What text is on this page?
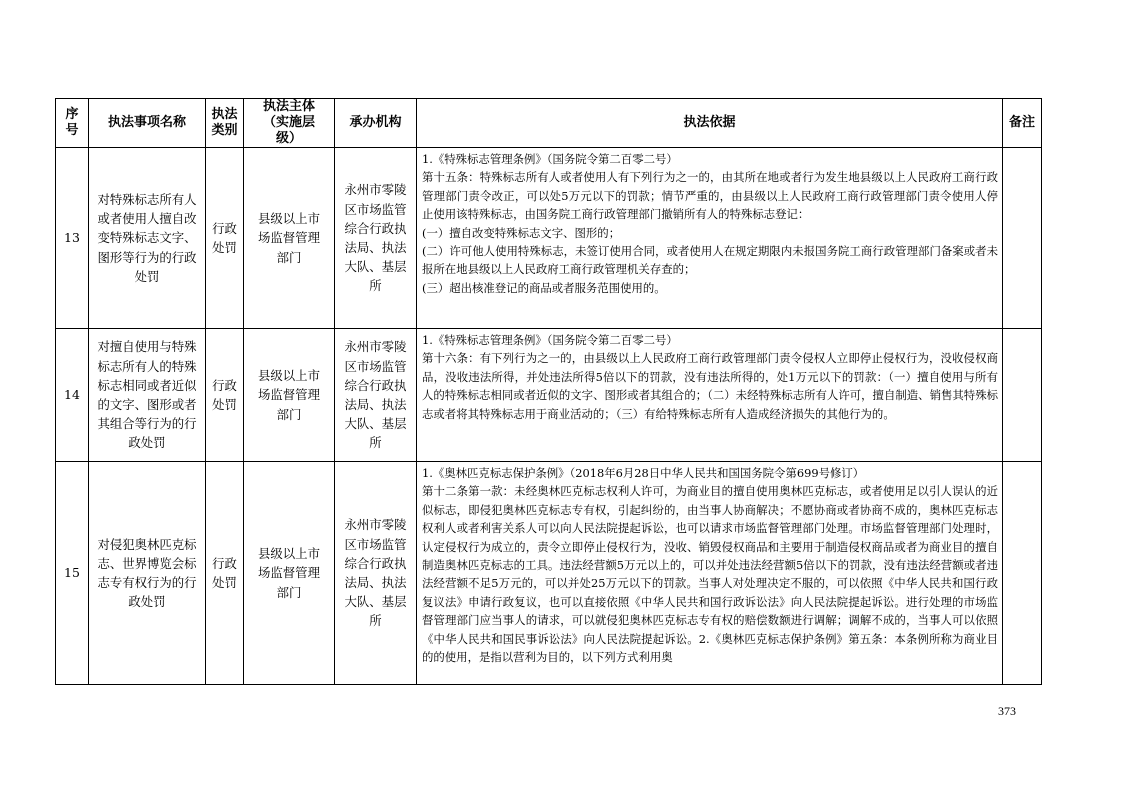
序号	执法事项名称	执法类别	执法主体（实施层级）	承办机构	执法依据	备注
13	对特殊标志所有人或者使用人擅自改变特殊标志文字、图形等行为的行政处罚	行政处罚	县级以上市场监督管理部门	永州市零陵区市场监管综合行政执法局、执法大队、基层所	1.《特殊标志管理条例》（国务院令第二百零二号）

第十五条：特殊标志所有人或者使用人有下列行为之一的，由其所在地或者行为发生地县级以上人民政府工商行政管理部门责令改正，可以处5万元以下的罚款；情节严重的，由县级以上人民政府工商行政管理部门责令使用人停止使用该特殊标志，由国务院工商行政管理部门撤销所有人的特殊标志登记：

(一）擅自改变特殊标志文字、图形的；

(二）许可他人使用特殊标志，未签订使用合同，或者使用人在规定期限内未报国务院工商行政管理部门备案或者未报所在地县级以上人民政府工商行政管理机关存查的；

(三）超出核准登记的商品或者服务范围使用的。	

14	对擅自使用与特殊标志所有人的特殊标志相同或者近似的文字、图形或者其组合等行为的行政处罚	行政处罚	县级以上市场监督管理部门	永州市零陵区市场监管综合行政执法局、执法大队、基层所	1.《特殊标志管理条例》（国务院令第二百零二号）

第十六条：有下列行为之一的，由县级以上人民政府工商行政管理部门责令侵权人立即停止侵权行为，没收侵权商品，没收违法所得，并处违法所得5倍以下的罚款，没有违法所得的，处1万元以下的罚款：（一）擅自使用与所有人的特殊标志相同或者近似的文字、图形或者其组合的；（二）未经特殊标志所有人许可，擅自制造、销售其特殊标志或者将其特殊标志用于商业活动的；（三）有给特殊标志所有人造成经济损失的其他行为的。	

15	对侵犯奥林匹克标志、世界博览会标志专有权行为的行政处罚	行政处罚	县级以上市场监督管理部门	永州市零陵区市场监管综合行政执法局、执法大队、基层所	1.《奥林匹克标志保护条例》（2018年6月28日中华人民共和国国务院令第699号修订）

第十二条第一款：未经奥林匹克标志权利人许可，为商业目的擅自使用奥林匹克标志，或者使用足以引人误认的近似标志，即侵犯奥林匹克标志专有权，引起纠纷的，由当事人协商解决；不愿协商或者协商不成的，奥林匹克标志权利人或者利害关系人可以向人民法院提起诉讼，也可以请求市场监督管理部门处理。市场监督管理部门处理时，认定侵权行为成立的，责令立即停止侵权行为，没收、销毁侵权商品和主要用于制造侵权商品或者为商业目的擅自制造奥林匹克标志的工具。违法经营额5万元以上的，可以并处违法经营额5倍以下的罚款，没有违法经营额或者违法经营额不足5万元的，可以并处25万元以下的罚款。当事人对处理决定不服的，可以依照《中华人民共和国行政复议法》申请行政复议，也可以直接依照《中华人民共和国行政诉讼法》向人民法院提起诉讼。进行处理的市场监督管理部门应当事人的请求，可以就侵犯奥林匹克标志专有权的赔偿数额进行调解；调解不成的，当事人可以依照《中华人民共和国民事诉讼法》向人民法院提起诉讼。2.《奥林匹克标志保护条例》第五条：本条例所称为商业目的的使用，是指以营利为目的，以下列方式利用奥	

373
